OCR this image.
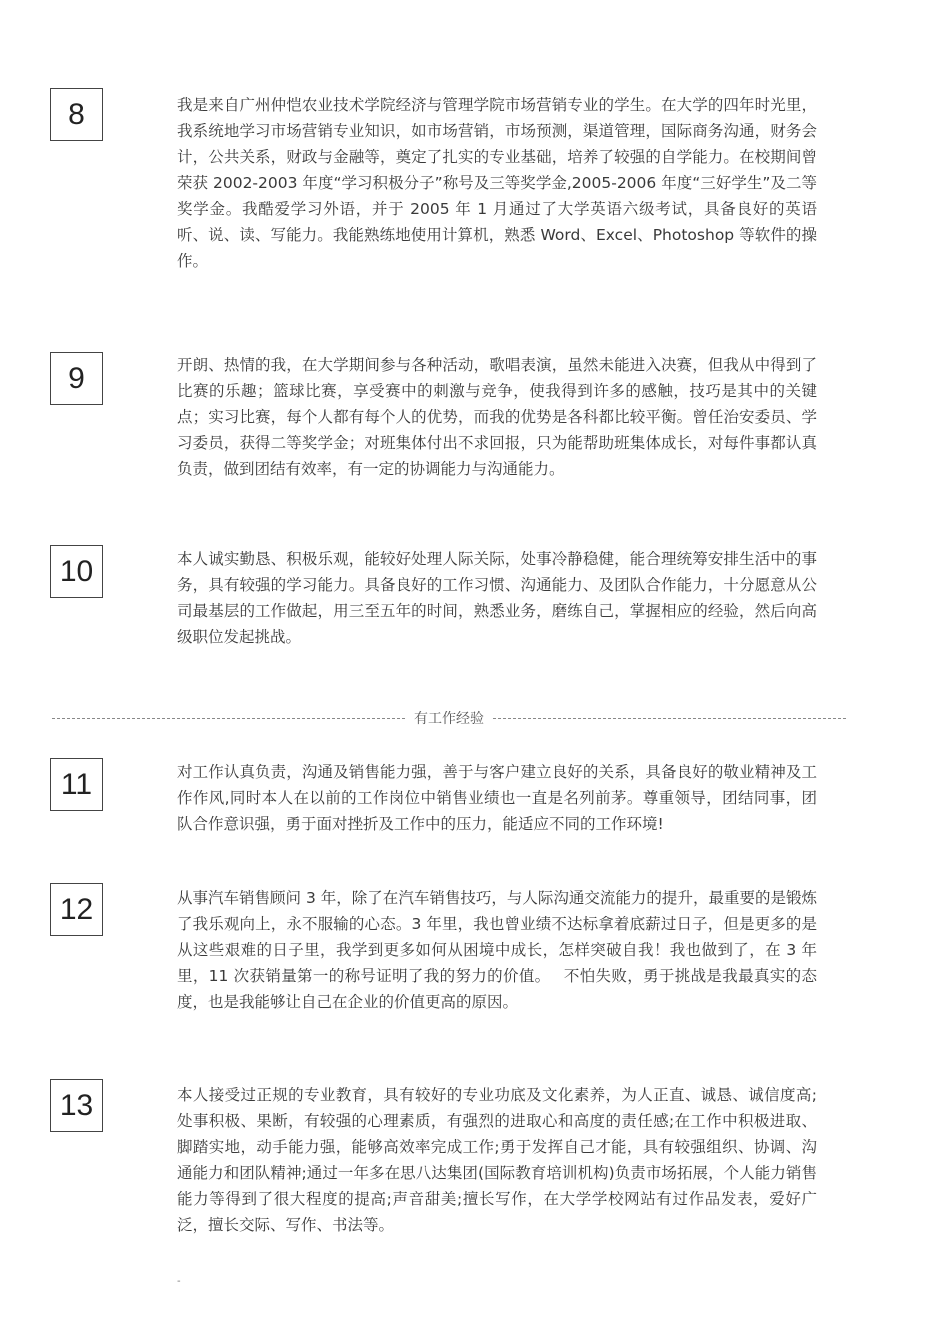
8	我是来自广州仲恺农业技术学院经济与管理学院市场营销专业的学生。在大学的四年时光里，我系统地学习市场营销专业知识，如市场营销，市场预测，渠道管理，国际商务沟通，财务会计，公共关系，财政与金融等，奠定了扎实的专业基础，培养了较强的自学能力。在校期间曾荣获 2002-2003 年度“学习积极分子”称号及三等奖学金,2005-2006 年度“三好学生”及二等奖学金。我酷爱学习外语，并于 2005 年 1 月通过了大学英语六级考试，具备良好的英语听、说、读、写能力。我能熟练地使用计算机，熟悉 Word、Excel、Photoshop 等软件的操作。

9	开朗、热情的我，在大学期间参与各种活动，歌唱表演，虽然未能进入决赛，但我从中得到了比赛的乐趣；篮球比赛，享受赛中的刺激与竞争，使我得到许多的感触，技巧是其中的关键点；实习比赛，每个人都有每个人的优势，而我的优势是各科都比较平衡。曾任治安委员、学习委员，获得二等奖学金；对班集体付出不求回报，只为能帮助班集体成长，对每件事都认真负责，做到团结有效率，有一定的协调能力与沟通能力。

10	本人诚实勤恳、积极乐观，能较好处理人际关际，处事冷静稳健，能合理统筹安排生活中的事务，具有较强的学习能力。具备良好的工作习惯、沟通能力、及团队合作能力，十分愿意从公司最基层的工作做起，用三至五年的时间，熟悉业务，磨练自己，掌握相应的经验，然后向高级职位发起挑战。

有工作经验
11	对工作认真负责，沟通及销售能力强，善于与客户建立良好的关系，具备良好的敬业精神及工作作风,同时本人在以前的工作岗位中销售业绩也一直是名列前茅。尊重领导，团结同事，团队合作意识强，勇于面对挫折及工作中的压力，能适应不同的工作环境!

12	从事汽车销售顾问 3 年，除了在汽车销售技巧，与人际沟通交流能力的提升，最重要的是锻炼了我乐观向上，永不服输的心态。3 年里，我也曾业绩不达标拿着底薪过日子，但是更多的是从这些艰难的日子里，我学到更多如何从困境中成长，怎样突破自我！我也做到了，在 3 年里，11 次获销量第一的称号证明了我的努力的价值。　 不怕失败，勇于挑战是我最真实的态度，也是我能够让自己在企业的价值更高的原因。

13	本人接受过正规的专业教育，具有较好的专业功底及文化素养，为人正直、诚恳、诚信度高;处事积极、果断，有较强的心理素质，有强烈的进取心和高度的责任感;在工作中积极进取、脚踏实地，动手能力强，能够高效率完成工作;勇于发挥自己才能，具有较强组织、协调、沟通能力和团队精神;通过一年多在思八达集团(国际教育培训机构)负责市场拓展，个人能力销售能力等得到了很大程度的提高;声音甜美;擅长写作，在大学学校网站有过作品发表，爱好广泛，擅长交际、写作、书法等。

-
